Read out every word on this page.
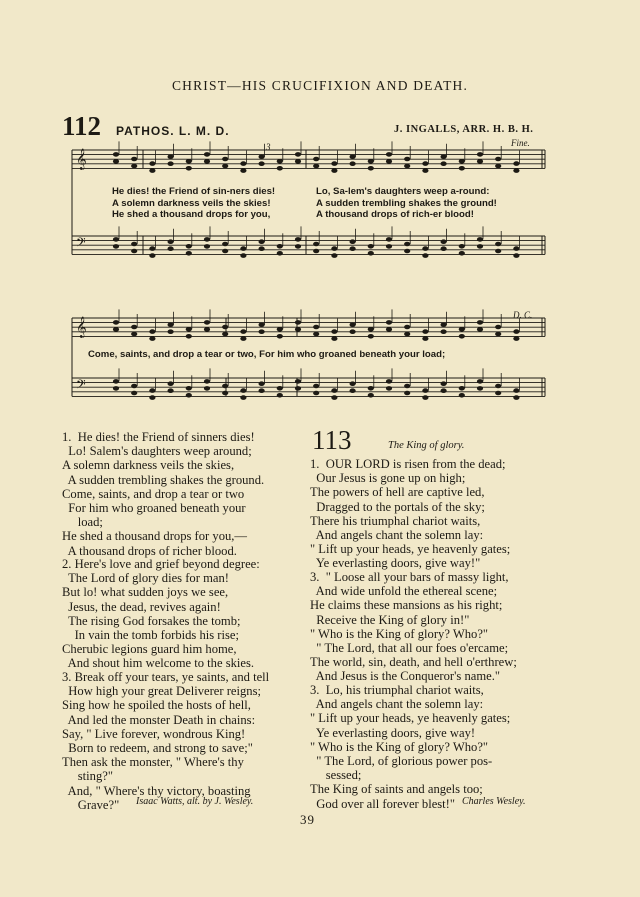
𝄞
𝄢
𝄞
𝄢
CHRIST—HIS CRUCIFIXION AND DEATH.
112 PATHOS. L. M. D.	J. INGALLS, ARR. H. B. H.
Fine.
3
D. C.
He dies! the Friend of sin-ners dies!
A solemn darkness veils the skies!
He shed a thousand drops for you,
Lo, Sa-lem's daughters weep a-round:
A sudden trembling shakes the ground!
A thousand drops of rich-er blood!
Come, saints, and drop a tear or two, For him who groaned beneath your load;
1.  He dies! the Friend of sinners dies!
Lo! Salem's daughters weep around;
A solemn darkness veils the skies,
A sudden trembling shakes the ground.
Come, saints, and drop a tear or two
For him who groaned beneath your
load;
He shed a thousand drops for you,—
A thousand drops of richer blood.
2. Here's love and grief beyond degree:
The Lord of glory dies for man!
But lo! what sudden joys we see,
Jesus, the dead, revives again!
The rising God forsakes the tomb;
In vain the tomb forbids his rise;
Cherubic legions guard him home,
And shout him welcome to the skies.
3. Break off your tears, ye saints, and tell
How high your great Deliverer reigns;
Sing how he spoiled the hosts of hell,
And led the monster Death in chains:
Say, " Live forever, wondrous King!
Born to redeem, and strong to save;"
Then ask the monster, " Where's thy
sting?"
And, " Where's thy victory, boasting
Grave?"	Isaac Watts, alt. by J. Wesley.
113	The King of glory.
1.  OUR LORD is risen from the dead;
Our Jesus is gone up on high;
The powers of hell are captive led,
Dragged to the portals of the sky;
There his triumphal chariot waits,
And angels chant the solemn lay:
" Lift up your heads, ye heavenly gates;
Ye everlasting doors, give way!"
3.  " Loose all your bars of massy light,
And wide unfold the ethereal scene;
He claims these mansions as his right;
Receive the King of glory in!"
" Who is the King of glory? Who?"
" The Lord, that all our foes o'ercame;
The world, sin, death, and hell o'erthrew;
And Jesus is the Conqueror's name."
3.  Lo, his triumphal chariot waits,
And angels chant the solemn lay:
" Lift up your heads, ye heavenly gates;
Ye everlasting doors, give way!
" Who is the King of glory? Who?"
" The Lord, of glorious power pos-
sessed;
The King of saints and angels too;
God over all forever blest!" Charles Wesley.
39
